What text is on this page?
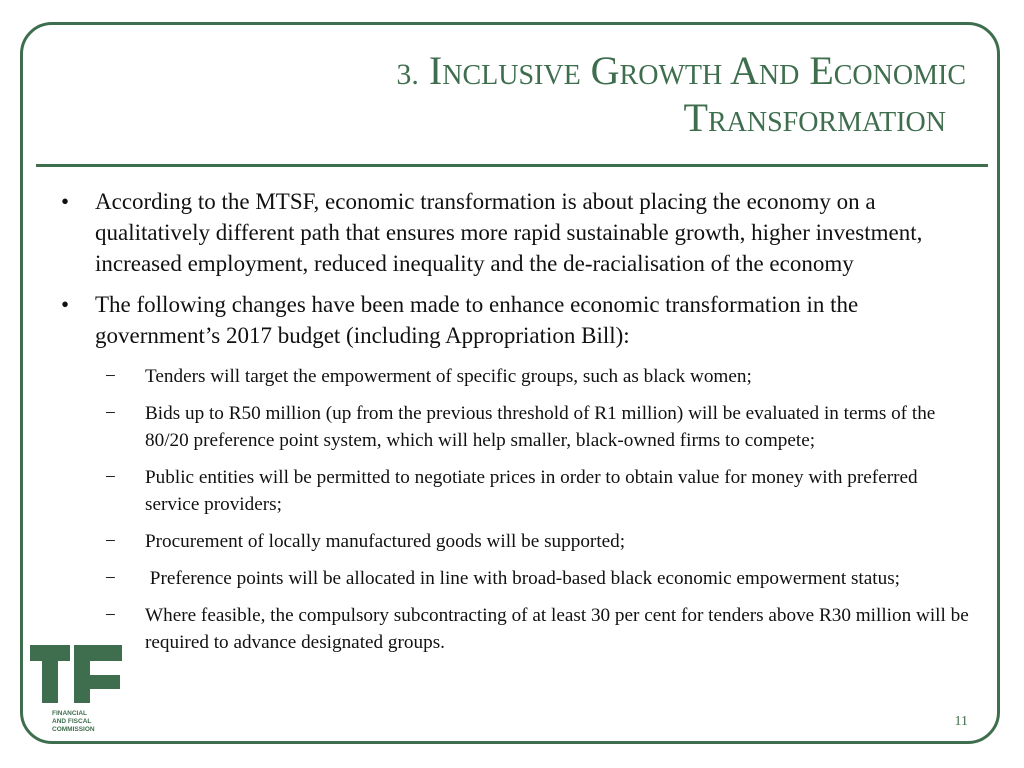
3. Inclusive Growth And Economic
Transformation
• According to the MTSF, economic transformation is about placing the economy on a qualitatively different path that ensures more rapid sustainable growth, higher investment, increased employment, reduced inequality and the de-racialisation of the economy
• The following changes have been made to enhance economic transformation in the government’s 2017 budget (including Appropriation Bill):
− Tenders will target the empowerment of specific groups, such as black women;
− Bids up to R50 million (up from the previous threshold of R1 million) will be evaluated in terms of the 80/20 preference point system, which will help smaller, black-owned firms to compete;
− Public entities will be permitted to negotiate prices in order to obtain value for money with preferred service providers;
− Procurement of locally manufactured goods will be supported;
− Preference points will be allocated in line with broad-based black economic empowerment status;
− Where feasible, the compulsory subcontracting of at least 30 per cent for tenders above R30 million will be required to advance designated groups.
FINANCIAL
AND FISCAL
COMMISSION
11
